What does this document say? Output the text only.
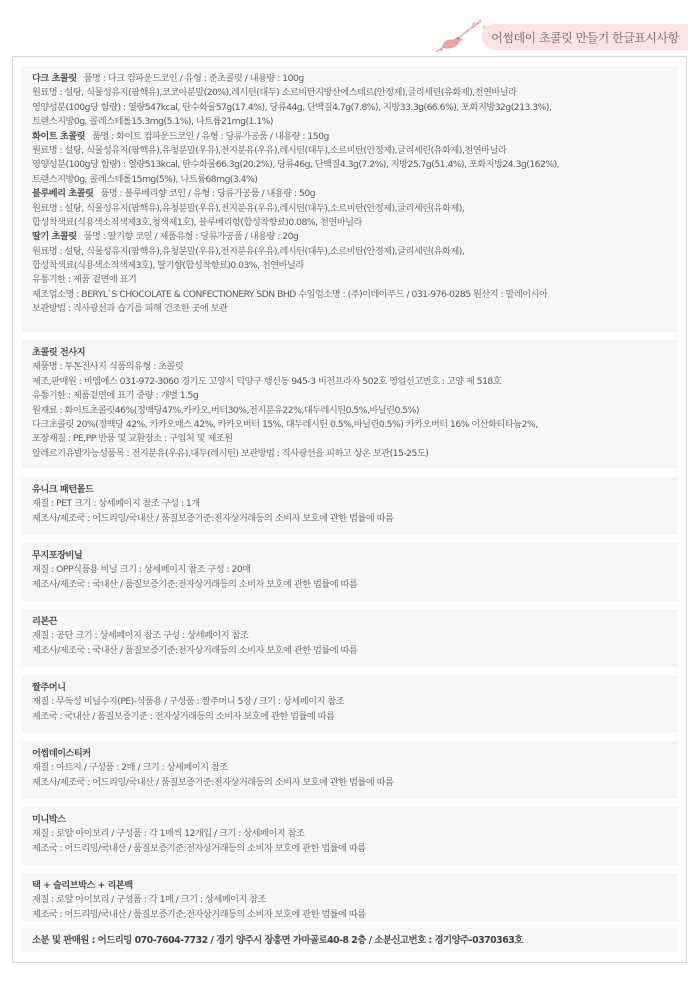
어썸데이 초콜릿 만들기 한글표시사항
다크 초콜릿 품명 : 다크 컴파운드코인 / 유형 : 준초콜릿 / 내용량 : 100g
원료명 : 설탕, 식물성유지(팜핵유),코코아분말(20%),레시틴(대두) 소르비탄지방산에스테르(안정제),글리세린(유화제),천연바닐라
영양성분(100g당 함량) : 열량547kcal, 탄수화물57g(17.4%), 당류44g, 단백질4.7g(7.8%), 지방33.3g(66.6%), 포화지방32g(213.3%),
트랜스지방0g, 콜레스테롤15.3mg(5.1%), 나트륨21mg(1.1%)
화이트 초콜릿 품명 : 화이트 컴파운드코인 / 유형 : 당류가공품 / 내용량 : 150g
원료명 : 설탕, 식물성유지(팜핵유),유청분말(우유),전지분유(우유),레시틴(대두),소르비탄(안정제),글리세린(유화제),천연바닐라
영양성분(100g당 함량) : 열량513kcal, 탄수화물66.3g(20.2%), 당류46g, 단백질4.3g(7.2%), 지방25.7g(51.4%), 포화지방24.3g(162%),
트랜스지방0g, 콜레스테롤15mg(5%), 나트륨68mg(3.4%)
블루베리 초콜릿 품명 : 블루베리향 코인 / 유형 : 당류가공품 / 내용량 : 50g
원료명 : 설탕, 식물성유지(팜핵유),유청분말(우유),전지분유(우유),레시틴(대두),소르비탄(안정제),글리세린(유화제),
합성착색료(식용색소적색제3호,청색제1호), 블루베리향(합성착향료)0.08%, 천연바닐라
딸기 초콜릿 품명 : 딸기향 코인 / 제품유형 : 당류가공품 / 내용량 : 20g
원료명 : 설탕, 식물성유지(팜핵유),유청분말(우유),전지분유(우유),레시틴(대두),소르비탄(안정제),글리세린(유화제),
합성착색료(식용색소적색제3호), 딸기향(합성착향료)0.03%, 천연바닐라
유통기한 : 제품 겉면에 표기
제조업소명 : BERYL`S CHOCOLATE & CONFECTIONERY SDN BHD 수입업소명 : (주)이데아푸드 / 031-976-0285 원산지 : 말레이시아
보관방법 : 직사광선과 습기를 피해 건조한 곳에 보관
초콜릿 전사지
제품명 : 투톤전사지 식품의유형 : 초콜릿
제조,판매원 : 비엠에스 031-972-3060 경기도 고양시 덕양구 행신동 945-3 비전프라자 502호 영업신고번호 : 고양 제 518호
유통기한 : 제품겉면에 표기 중량 : 개별 1.5g
원재료 : 화이트초콜릿46%(정백당47%,카카오,버터30%,전지분유22%,대두레시틴0.5%,바닐린0.5%)
다크초콜릿 20%(정백당 42%, 카카오매스 42%, 카카오버터 15%, 대두레시틴 0.5%,바닐린0.5%) 카카오버터 16% 이산화티타늄2%,
포장재질 : PE,PP 반품 및 교환장소 : 구입처 및 제조원
알레르기유발가능성품목 : 전지분유(우유),대두(레시틴) 보관방법 : 직사광선을 피하고 상온 보관(15-25도)
유니크 패턴몰드
재질 : PET 크기 : 상세페이지 참조 구성 : 1개
제조사/제조국 : 어드리밍/국내산 / 품질보증기준:전자상거래등의 소비자 보호에 관한 법률에 따름
무지포장비닐
재질 : OPP식품용 비닐 크기 : 상세페이지 참조 구성 : 20매
제조사/제조국 : 국내산 / 품질보증기준:전자상거래등의 소비자 보호에 관한 법률에 따름
리본끈
재질 : 공단 크기 : 상세페이지 참조 구성 : 상세페이지 참조
제조사/제조국 : 국내산 / 품질보증기준:전자상거래등의 소비자 보호에 관한 법률에 따름
짤주머니
재질 : 무독성 비닐수지(PE)-식품용 / 구성품 : 짤주머니 5장 / 크기 : 상세페이지 참조
제조국 : 국내산 / 품질보증기준 : 전자상거래등의 소비자 보호에 관한 법률에 따름
어썸데이스티커
재질 : 아트지 / 구성품 : 2매 / 크기 : 상세페이지 참조
제조사/제조국 : 어드리밍/국내산 / 품질보증기준:전자상거래등의 소비자 보호에 관한 법률에 따름
미니박스
재질 : 로얄 아이보리 / 구성품 : 각 1매씩 12개입 / 크기 : 상세페이지 참조
제조국 : 어드리밍/국내산 / 품질보증기준:전자상거래등의 소비자 보호에 관한 법률에 따름
택 + 슬리브박스 + 리본백
재질 : 로얄 아이보리 / 구성품 : 각 1매 / 크기 : 상세페이지 참조
제조국 : 어드리밍/국내산 / 품질보증기준:전자상거래등의 소비자 보호에 관한 법률에 따름
소분 및 판매원 : 어드리밍 070-7604-7732 / 경기 양주시 장흥면 가마골로40-8 2층 / 소분신고번호 : 경기양주-0370363호
